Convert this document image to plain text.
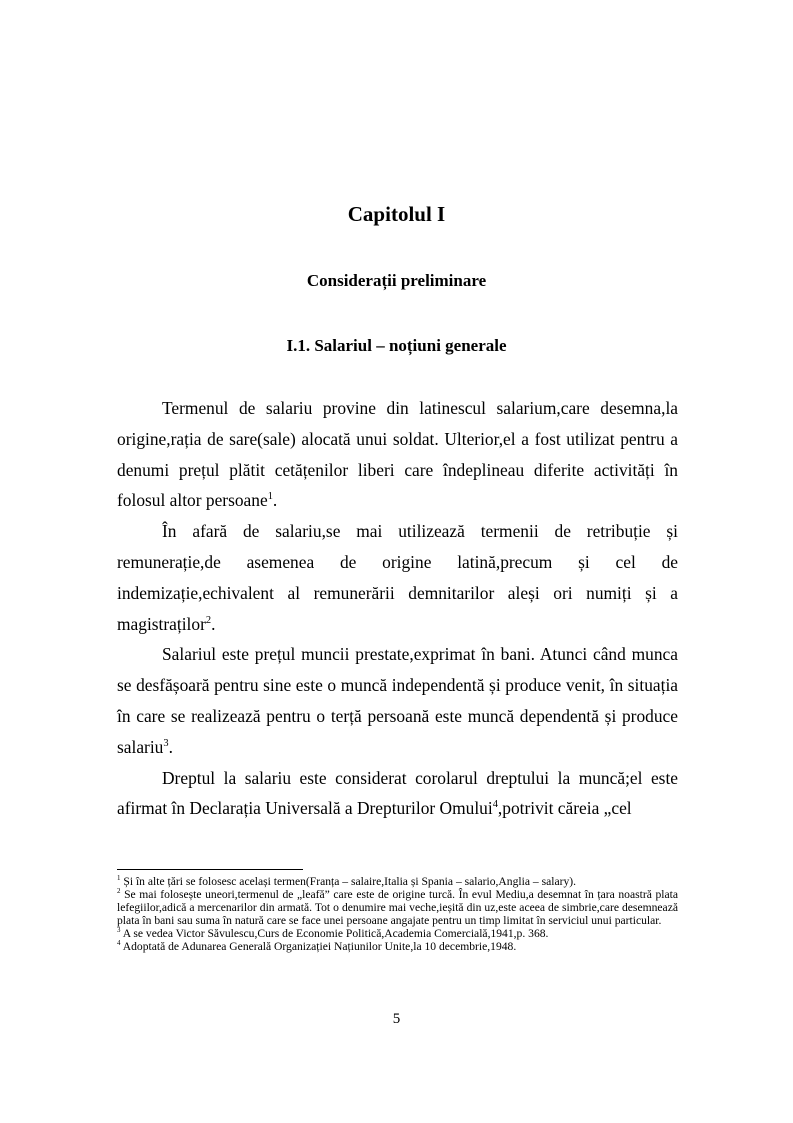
Capitolul I
Considerații preliminare
I.1. Salariul – noțiuni generale

Termenul de salariu provine din latinescul salarium,care desemna,la origine,rația de sare(sale) alocată unui soldat. Ulterior,el a fost utilizat pentru a denumi prețul plătit cetățenilor liberi care îndeplineau diferite activități în folosul altor persoane$^1$.

În afară de salariu,se mai utilizează termenii de retribuție și remunerație,de asemenea de origine latină,precum și cel de indemizație,echivalent al remunerării demnitarilor aleși ori numiți și a magistraților$^2$.

Salariul este prețul muncii prestate,exprimat în bani. Atunci când munca se desfășoară pentru sine este o muncă independentă și produce venit, în situația în care se realizează pentru o terță persoană este muncă dependentă și produce salariu$^3$.

Dreptul la salariu este considerat corolarul dreptului la muncă;el este afirmat în Declarația Universală a Drepturilor Omului$^4$,potrivit căreia „cel

$^1$ Și în alte țări se folosesc același termen(Franța – salaire,Italia și Spania – salario,Anglia – salary).

$^2$ Se mai folosește uneori,termenul de „leafă” care este de origine turcă. În evul Mediu,a desemnat în țara noastră plata lefegiilor,adică a mercenarilor din armată. Tot o denumire mai veche,ieșită din uz,este aceea de simbrie,care desemnează plata în bani sau suma în natură care se face unei persoane angajate pentru un timp limitat în serviciul unui particular.

$^3$ A se vedea Victor Săvulescu,Curs de Economie Politică,Academia Comercială,1941,p. 368.

$^4$ Adoptată de Adunarea Generală Organizației Națiunilor Unite,la 10 decembrie,1948.

5
